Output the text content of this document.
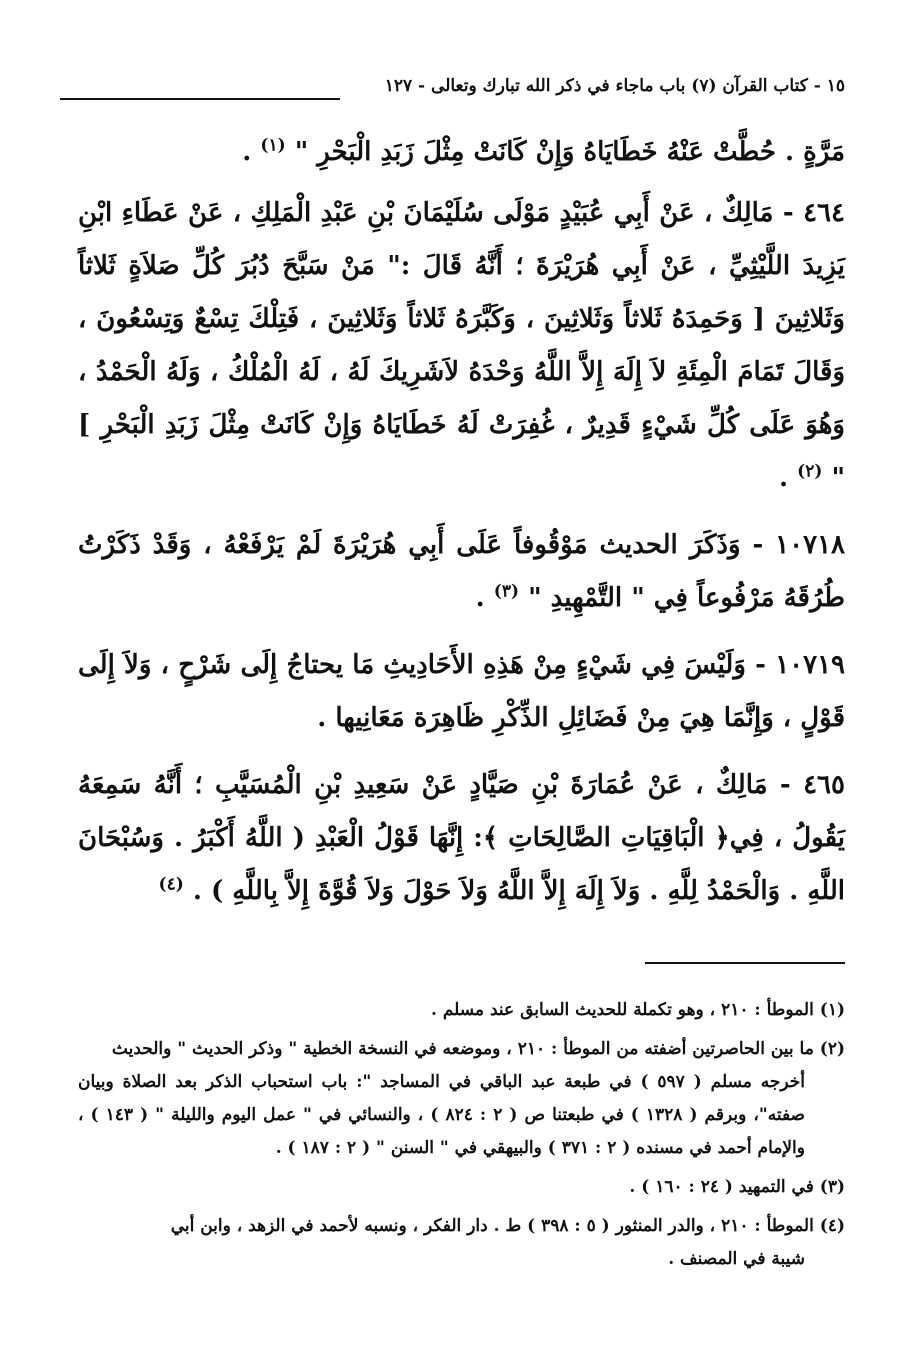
١٥ - كتاب القرآن (٧) باب ماجاء في ذكر الله تبارك وتعالى - ١٢٧

مَرَّةٍ . حُطَّتْ عَنْهُ خَطَايَاهُ وَإِنْ كَانَتْ مِثْلَ زَبَدِ الْبَحْرِ " $^{(١)}$ .

٤٦٤ - مَالِكٌ ، عَنْ أَبِي عُبَيْدٍ مَوْلَى سُلَيْمَانَ بْنِ عَبْدِ الْمَلِكِ ، عَنْ عَطَاءِ ابْنِ يَزِيدَ اللَّيْثِيِّ ، عَنْ أَبِي هُرَيْرَةَ ؛ أَنَّهُ قَالَ :" مَنْ سَبَّحَ دُبُرَ كُلِّ صَلاَةٍ ثَلاثاً وَثَلاثِينَ [ وَحَمِدَهُ ثَلاثاً وَثَلاثِينَ ، وَكَبَّرَهُ ثَلاثاً وَثَلاثِينَ ، فَتِلْكَ تِسْعٌ وَتِسْعُونَ ، وَقَالَ تَمَامَ الْمِئَةِ لاَ إِلَهَ إِلاَّ اللَّهُ وَحْدَهُ لاَشَرِيكَ لَهُ ، لَهُ الْمُلْكُ ، وَلَهُ الْحَمْدُ ، وَهُوَ عَلَى كُلِّ شَيْءٍ قَدِيرٌ ، غُفِرَتْ لَهُ خَطَايَاهُ وَإِنْ كَانَتْ مِثْلَ زَبَدِ الْبَحْرِ ] " $^{(٢)}$ .

١٠٧١٨ - وَذَكَرَ الحديث مَوْقُوفاً عَلَى أَبِي هُرَيْرَةَ لَمْ يَرْفَعْهُ ، وَقَدْ ذَكَرْتُ طُرُقَهُ مَرْفُوعاً فِي " التَّمْهِيدِ " $^{(٣)}$ .

١٠٧١٩ - وَلَيْسَ فِي شَيْءٍ مِنْ هَذِهِ الأَحَادِيثِ مَا يحتاجُ إِلَى شَرْحٍ ، وَلاَ إِلَى قَوْلٍ ، وَإِنَّمَا هِيَ مِنْ فَضَائِلِ الذِّكْرِ ظَاهِرَة مَعَانِيها .

٤٦٥ - مَالِكٌ ، عَنْ عُمَارَةَ بْنِ صَيَّادٍ عَنْ سَعِيدِ بْنِ الْمُسَيَّبِ ؛ أَنَّهُ سَمِعَهُ يَقُولُ ، فِي﴿ الْبَاقِيَاتِ الصَّالِحَاتِ ﴾: إِنَّهَا قَوْلُ الْعَبْدِ ( اللَّهُ أَكْبَرُ . وَسُبْحَانَ اللَّهِ . وَالْحَمْدُ لِلَّهِ . وَلاَ إِلَهَ إِلاَّ اللَّهُ وَلاَ حَوْلَ وَلاَ قُوَّةَ إِلاَّ بِاللَّهِ ) . $^{(٤)}$

(١) الموطأ : ٢١٠ ، وهو تكملة للحديث السابق عند مسلم .

(٢) ما بين الحاصرتين أضفته من الموطأ : ٢١٠ ، وموضعه في النسخة الخطية " وذكر الحديث " والحديث
أخرجه مسلم ( ٥٩٧ ) في طبعة عبد الباقي في المساجد ": باب استحباب الذكر بعد الصلاة وبيان صفته"، وبرقم ( ١٣٢٨ ) في طبعتنا ص ( ٢ : ٨٢٤ ) ، والنسائي في " عمل اليوم والليلة " ( ١٤٣ ) ، والإمام أحمد في مسنده ( ٢ : ٣٧١ ) والبيهقي في " السنن " ( ٢ : ١٨٧ ) .

(٣) في التمهيد ( ٢٤ : ١٦٠ ) .

(٤) الموطأ : ٢١٠ ، والدر المنثور ( ٥ : ٣٩٨ ) ط . دار الفكر ، ونسبه لأحمد في الزهد ، وابن أبي
شيبة في المصنف .
